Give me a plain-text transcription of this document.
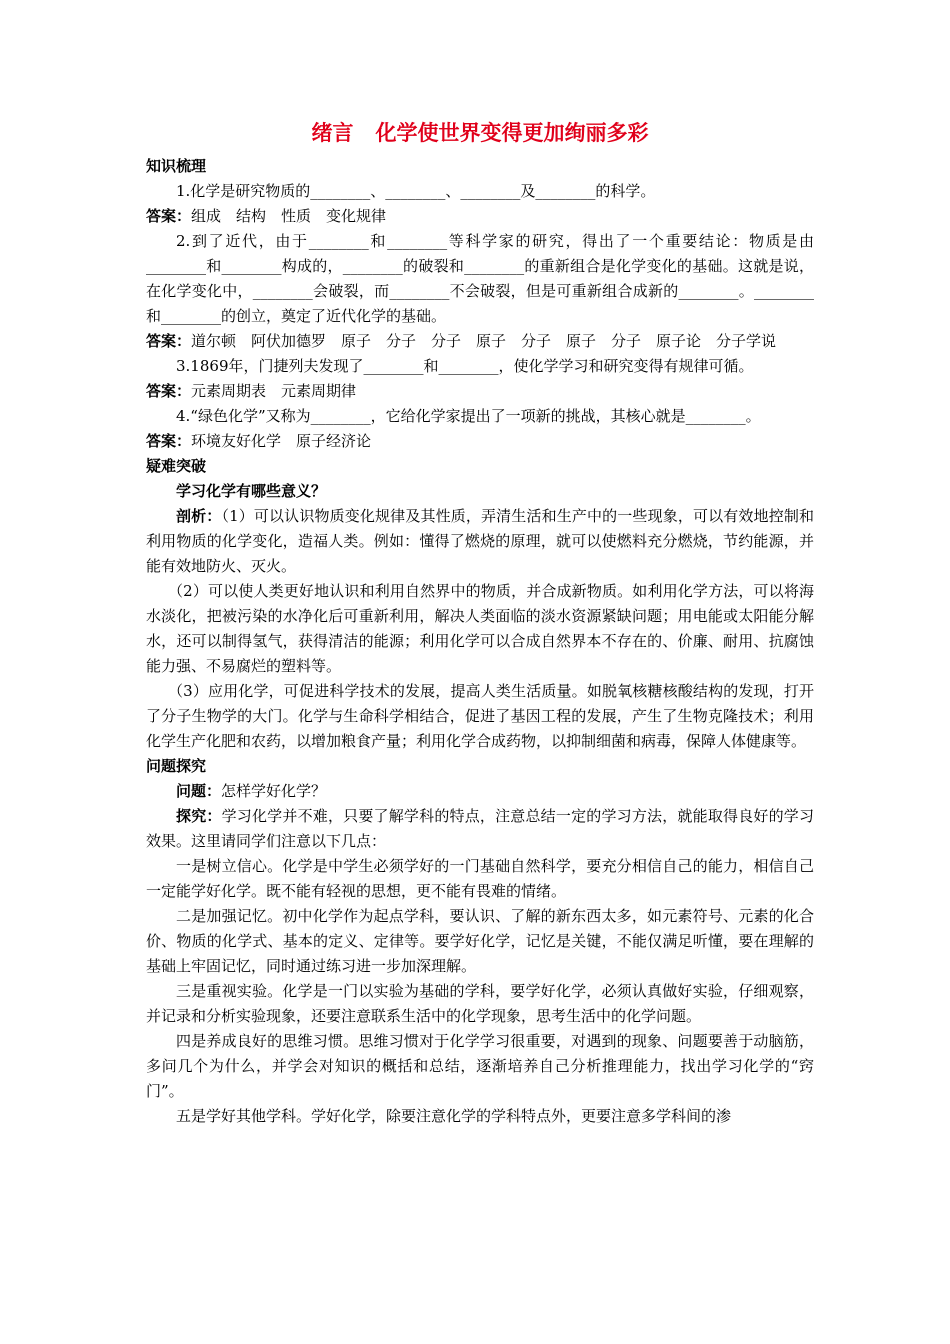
绪言 化学使世界变得更加绚丽多彩
知识梳理

1.化学是研究物质的________、________、________及________的科学。

答案：组成　结构　性质　变化规律

2.到了近代，由于________和________等科学家的研究，得出了一个重要结论：物质是由________和________构成的，________的破裂和________的重新组合是化学变化的基础。这就是说，在化学变化中，________会破裂，而________不会破裂，但是可重新组合成新的________。________和________的创立，奠定了近代化学的基础。

答案：道尔顿　阿伏加德罗　原子　分子　分子　原子　分子　原子　分子　原子论　分子学说

3.1869年，门捷列夫发现了________和________，使化学学习和研究变得有规律可循。

答案：元素周期表　元素周期律

4.“绿色化学”又称为________，它给化学家提出了一项新的挑战，其核心就是________。

答案：环境友好化学　原子经济论

疑难突破

学习化学有哪些意义？

剖析：（1）可以认识物质变化规律及其性质，弄清生活和生产中的一些现象，可以有效地控制和利用物质的化学变化，造福人类。例如：懂得了燃烧的原理，就可以使燃料充分燃烧，节约能源，并能有效地防火、灭火。

（2）可以使人类更好地认识和利用自然界中的物质，并合成新物质。如利用化学方法，可以将海水淡化，把被污染的水净化后可重新利用，解决人类面临的淡水资源紧缺问题；用电能或太阳能分解水，还可以制得氢气，获得清洁的能源；利用化学可以合成自然界本不存在的、价廉、耐用、抗腐蚀能力强、不易腐烂的塑料等。

（3）应用化学，可促进科学技术的发展，提高人类生活质量。如脱氧核糖核酸结构的发现，打开了分子生物学的大门。化学与生命科学相结合，促进了基因工程的发展，产生了生物克隆技术；利用化学生产化肥和农药，以增加粮食产量；利用化学合成药物，以抑制细菌和病毒，保障人体健康等。

问题探究

问题：怎样学好化学？

探究：学习化学并不难，只要了解学科的特点，注意总结一定的学习方法，就能取得良好的学习效果。这里请同学们注意以下几点：

一是树立信心。化学是中学生必须学好的一门基础自然科学，要充分相信自己的能力，相信自己一定能学好化学。既不能有轻视的思想，更不能有畏难的情绪。

二是加强记忆。初中化学作为起点学科，要认识、了解的新东西太多，如元素符号、元素的化合价、物质的化学式、基本的定义、定律等。要学好化学，记忆是关键，不能仅满足听懂，要在理解的基础上牢固记忆，同时通过练习进一步加深理解。

三是重视实验。化学是一门以实验为基础的学科，要学好化学，必须认真做好实验，仔细观察，并记录和分析实验现象，还要注意联系生活中的化学现象，思考生活中的化学问题。

四是养成良好的思维习惯。思维习惯对于化学学习很重要，对遇到的现象、问题要善于动脑筋，多问几个为什么，并学会对知识的概括和总结，逐渐培养自己分析推理能力，找出学习化学的“窍门”。

五是学好其他学科。学好化学，除要注意化学的学科特点外，更要注意多学科间的渗
